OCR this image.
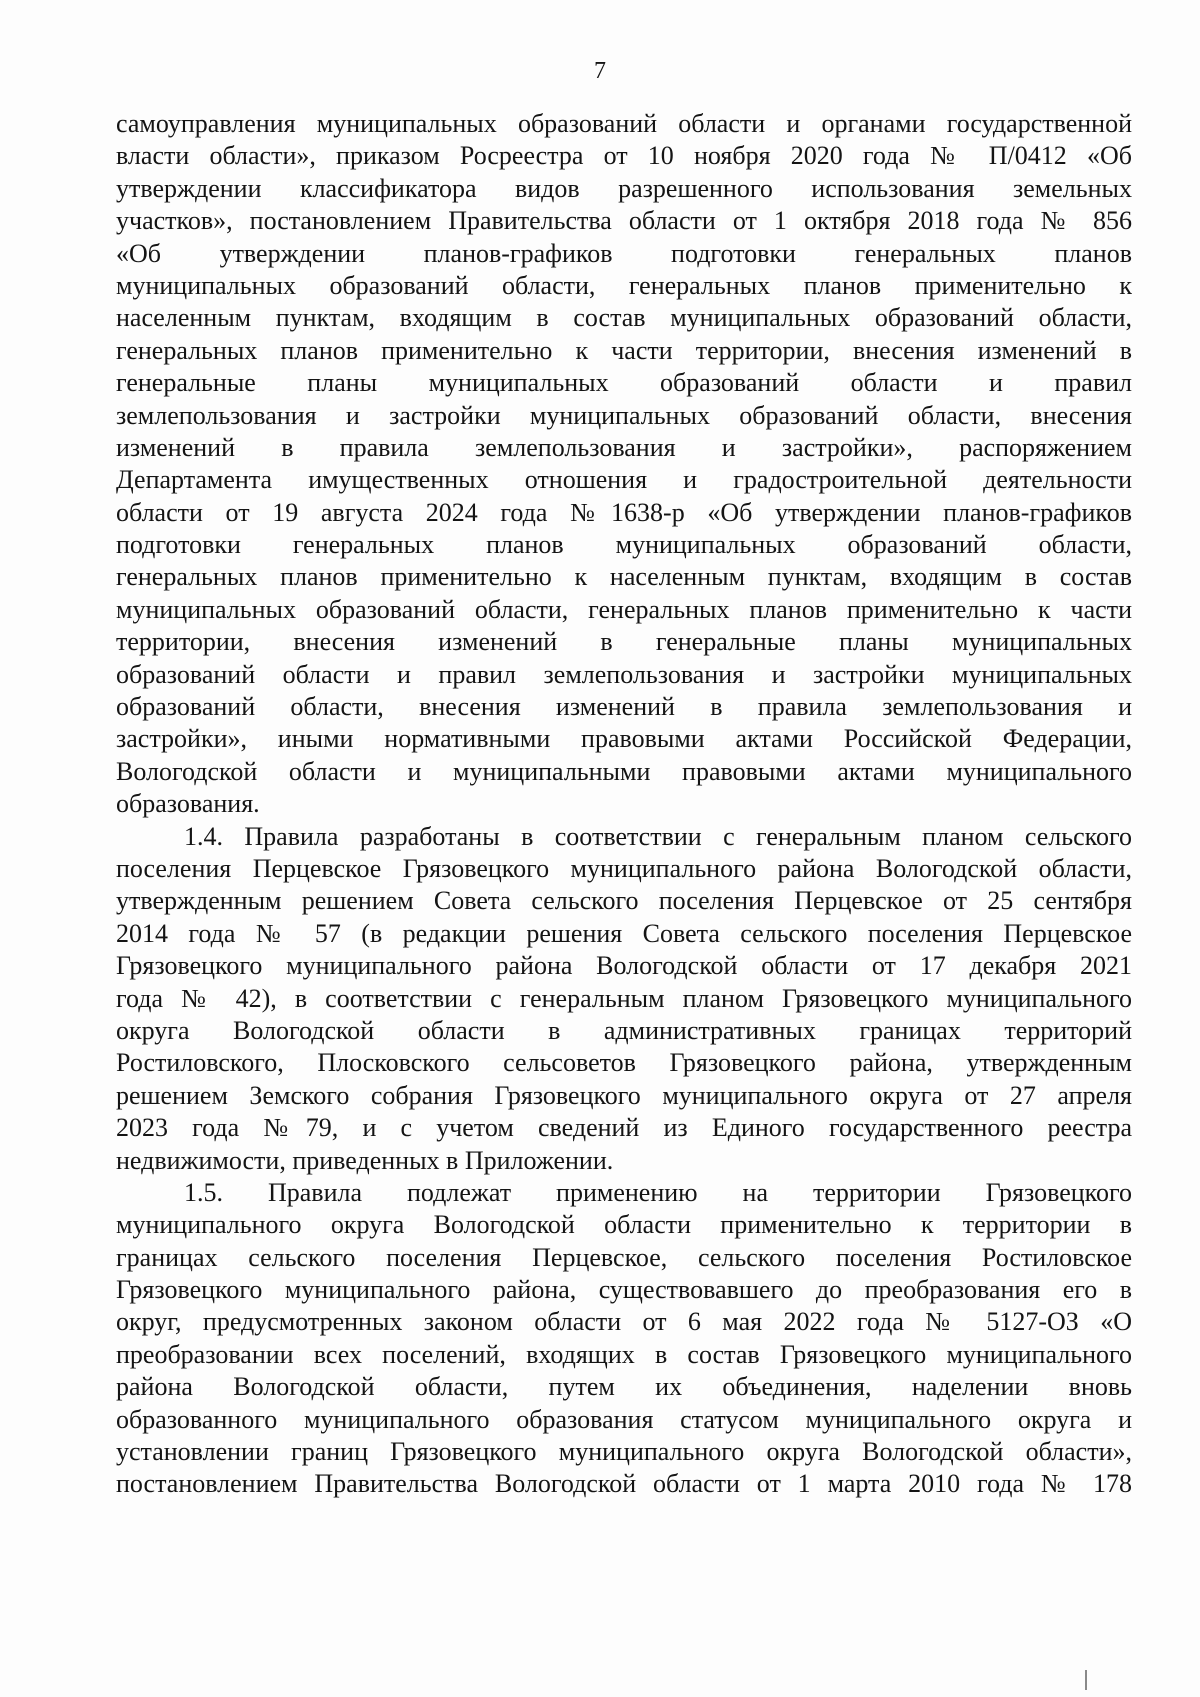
7
самоуправления муниципальных образований области и органами государственной
власти области», приказом Росреестра от 10 ноября 2020 года № П/0412 «Об
утверждении классификатора видов разрешенного использования земельных
участков», постановлением Правительства области от 1 октября 2018 года № 856
«Об утверждении планов-графиков подготовки генеральных планов
муниципальных образований области, генеральных планов применительно к
населенным пунктам, входящим в состав муниципальных образований области,
генеральных планов применительно к части территории, внесения изменений в
генеральные планы муниципальных образований области и правил
землепользования и застройки муниципальных образований области, внесения
изменений в правила землепользования и застройки», распоряжением
Департамента имущественных отношения и градостроительной деятельности
области от 19 августа 2024 года №1638-р «Об утверждении планов-графиков
подготовки генеральных планов муниципальных образований области,
генеральных планов применительно к населенным пунктам, входящим в состав
муниципальных образований области, генеральных планов применительно к части
территории, внесения изменений в генеральные планы муниципальных
образований области и правил землепользования и застройки муниципальных
образований области, внесения изменений в правила землепользования и
застройки», иными нормативными правовыми актами Российской Федерации,
Вологодской области и муниципальными правовыми актами муниципального
образования.
1.4. Правила разработаны в соответствии с генеральным планом сельского
поселения Перцевское Грязовецкого муниципального района Вологодской области,
утвержденным решением Совета сельского поселения Перцевское от 25 сентября
2014 года № 57 (в редакции решения Совета сельского поселения Перцевское
Грязовецкого муниципального района Вологодской области от 17 декабря 2021
года № 42), в соответствии с генеральным планом Грязовецкого муниципального
округа Вологодской области в административных границах территорий
Ростиловского, Плосковского сельсоветов Грязовецкого района, утвержденным
решением Земского собрания Грязовецкого муниципального округа от 27 апреля
2023 года №79, и с учетом сведений из Единого государственного реестра
недвижимости, приведенных в Приложении.
1.5. Правила подлежат применению на территории Грязовецкого
муниципального округа Вологодской области применительно к территории в
границах сельского поселения Перцевское, сельского поселения Ростиловское
Грязовецкого муниципального района, существовавшего до преобразования его в
округ, предусмотренных законом области от 6 мая 2022 года № 5127-ОЗ «О
преобразовании всех поселений, входящих в состав Грязовецкого муниципального
района Вологодской области, путем их объединения, наделении вновь
образованного муниципального образования статусом муниципального округа и
установлении границ Грязовецкого муниципального округа Вологодской области»,
постановлением Правительства Вологодской области от 1 марта 2010 года № 178
